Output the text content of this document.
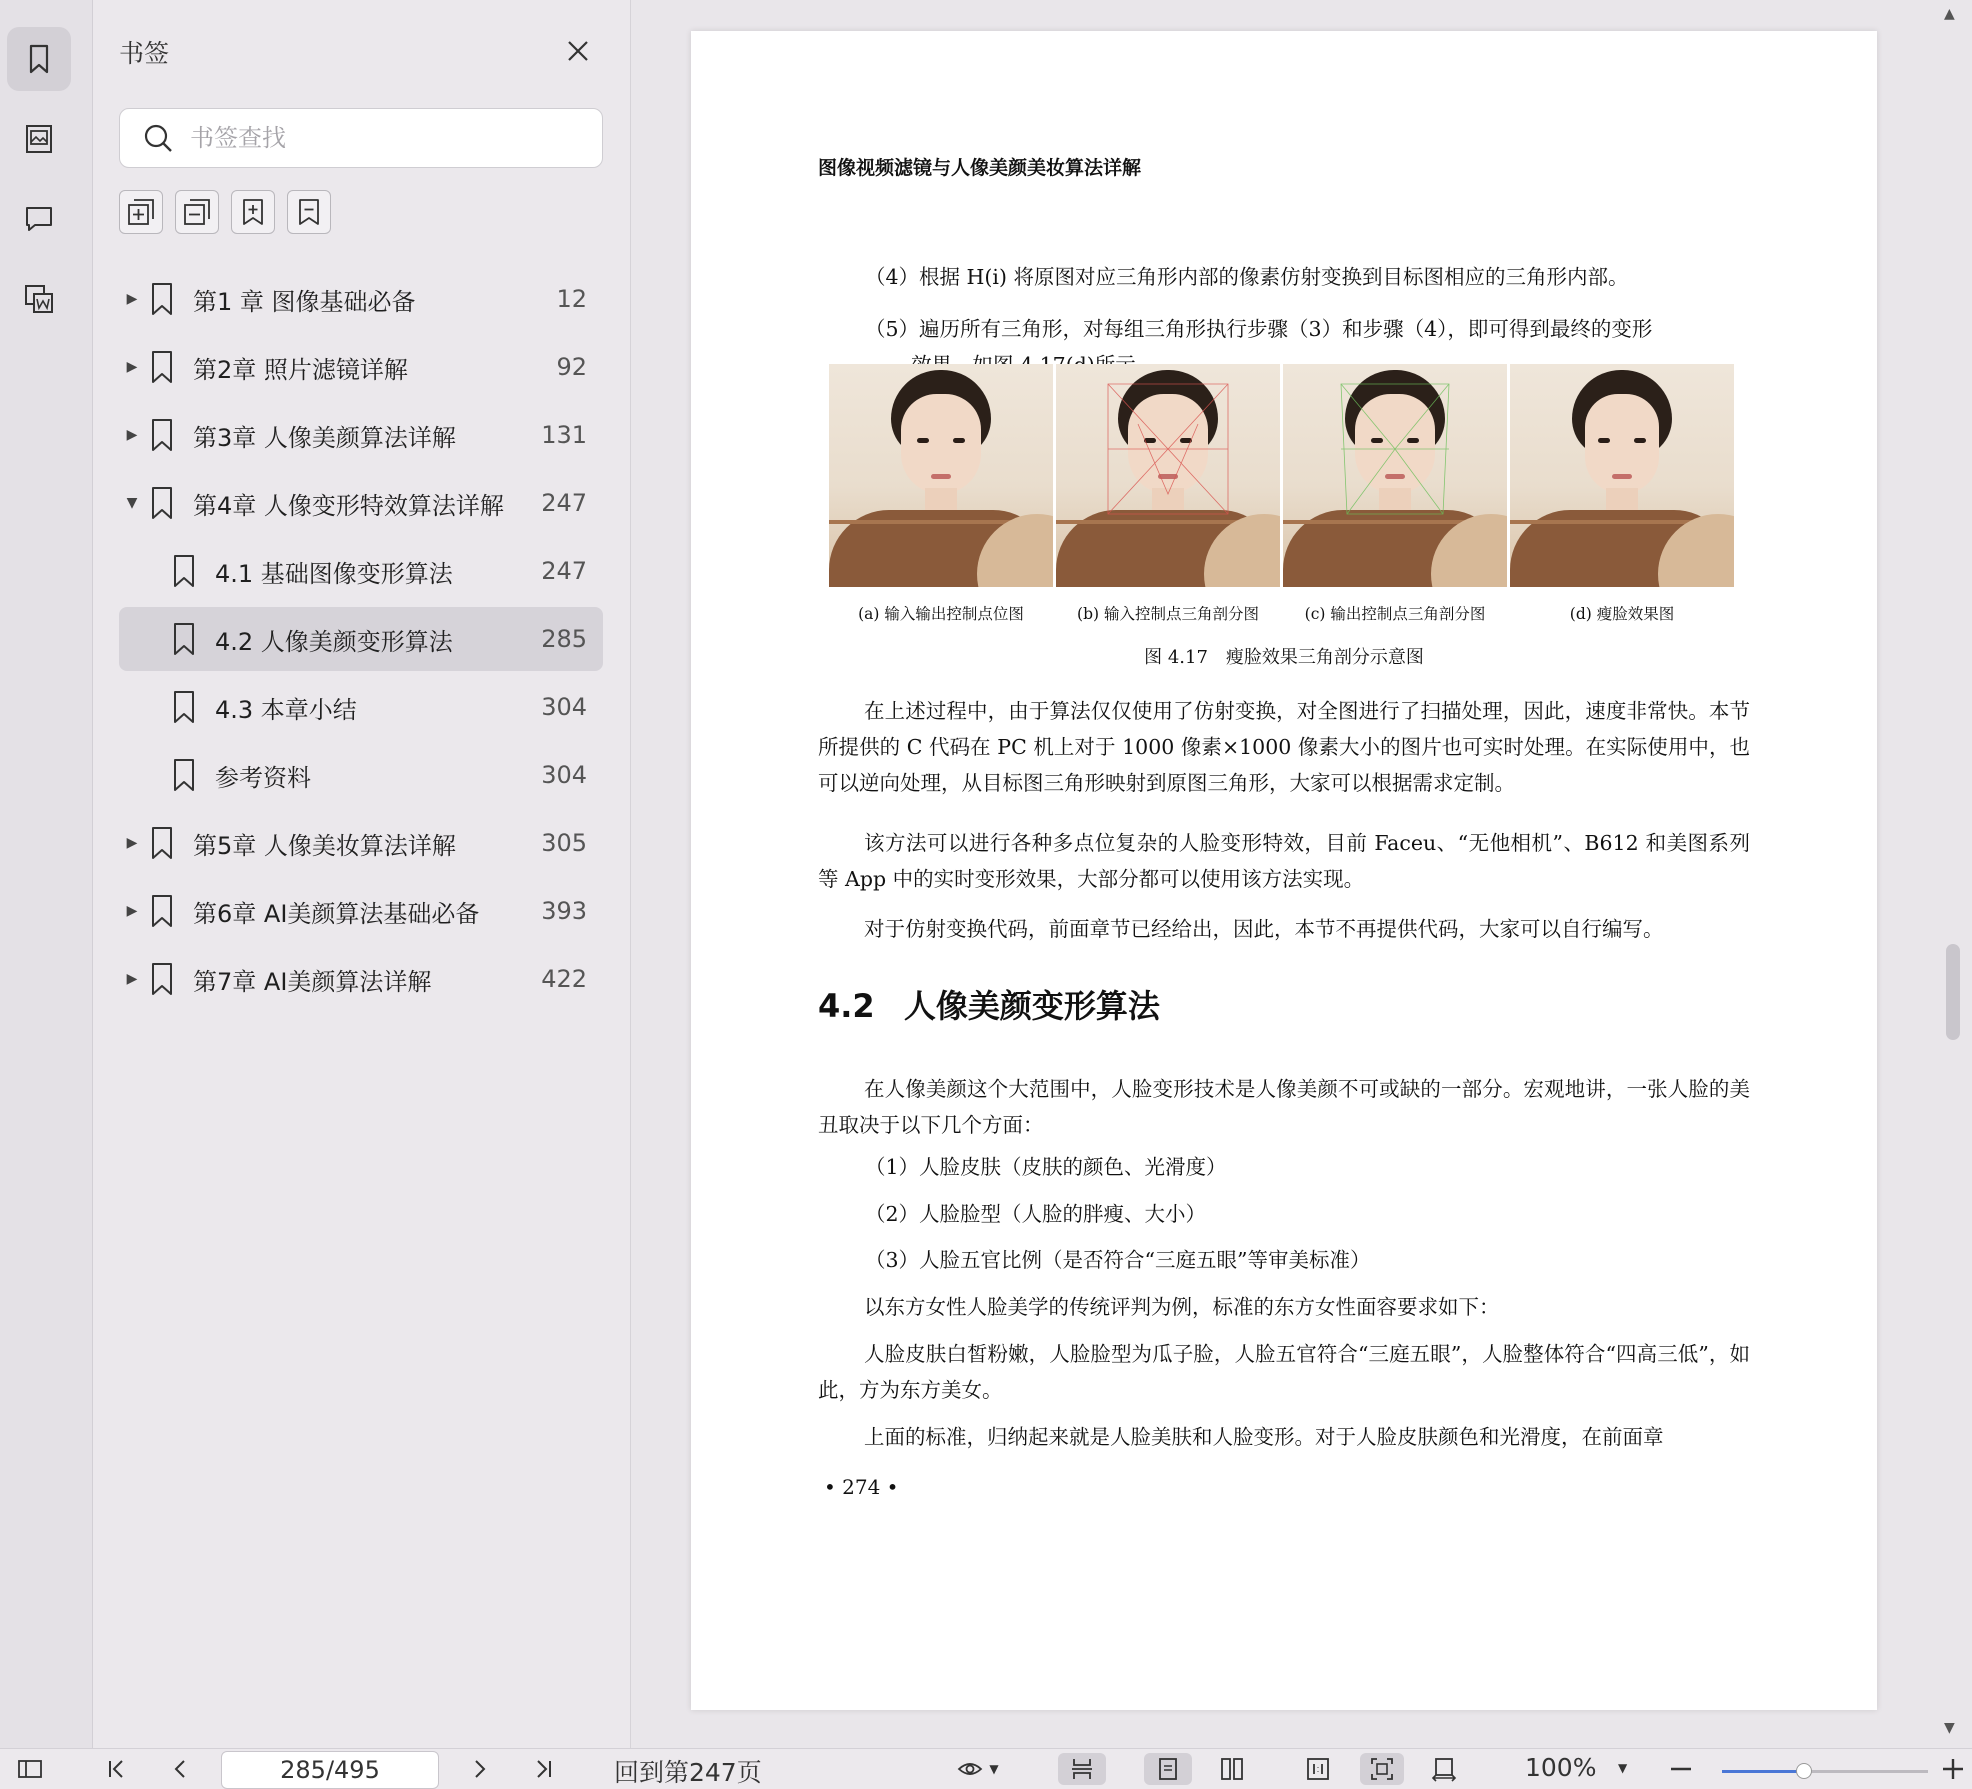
书签
书签查找
▶	第1 章 图像基础必备	12
▶	第2章 照片滤镜详解	92
▶	第3章 人像美颜算法详解	131
▼	第4章 人像变形特效算法详解 247
4.1 基础图像变形算法	247
4.2 人像美颜变形算法	285
4.3 本章小结	304
参考资料	304
▶	第5章 人像美妆算法详解	305
▶	第6章 AI美颜算法基础必备	393
▶	第7章 AI美颜算法详解	422
▲
▼
图像视频滤镜与人像美颜美妆算法详解
（4）根据 H(i) 将原图对应三角形内部的像素仿射变换到目标图相应的三角形内部。
（5）遍历所有三角形，对每组三角形执行步骤（3）和步骤（4），即可得到最终的变形
(a) 输入输出控制点位图	(b) 输入控制点三角剖分图	(c) 输出控制点三角剖分图	(d) 瘦脸效果图
图 4.17　瘦脸效果三角剖分示意图
在上述过程中，由于算法仅仅使用了仿射变换，对全图进行了扫描处理，因此，速度非常快。本节所提供的 C 代码在 PC 机上对于 1000 像素×1000 像素大小的图片也可实时处理。在实际使用中，也可以逆向处理，从目标图三角形映射到原图三角形，大家可以根据需求定制。
该方法可以进行各种多点位复杂的人脸变形特效，目前 Faceu、“无他相机”、B612 和美图系列等 App 中的实时变形效果，大部分都可以使用该方法实现。
对于仿射变换代码，前面章节已经给出，因此，本节不再提供代码，大家可以自行编写。
4.2 人像美颜变形算法
在人像美颜这个大范围中，人脸变形技术是人像美颜不可或缺的一部分。宏观地讲，一张人脸的美丑取决于以下几个方面：
（1）人脸皮肤（皮肤的颜色、光滑度）
（2）人脸脸型（人脸的胖瘦、大小）
（3）人脸五官比例（是否符合“三庭五眼”等审美标准）
以东方女性人脸美学的传统评判为例，标准的东方女性面容要求如下：
人脸皮肤白皙粉嫩，人脸脸型为瓜子脸，人脸五官符合“三庭五眼”，人脸整体符合“四高三低”，如此，方为东方美女。
上面的标准，归纳起来就是人脸美肤和人脸变形。对于人脸皮肤颜色和光滑度，在前面章
• 274 •
285/495
回到第247页	▼	100% ▼
